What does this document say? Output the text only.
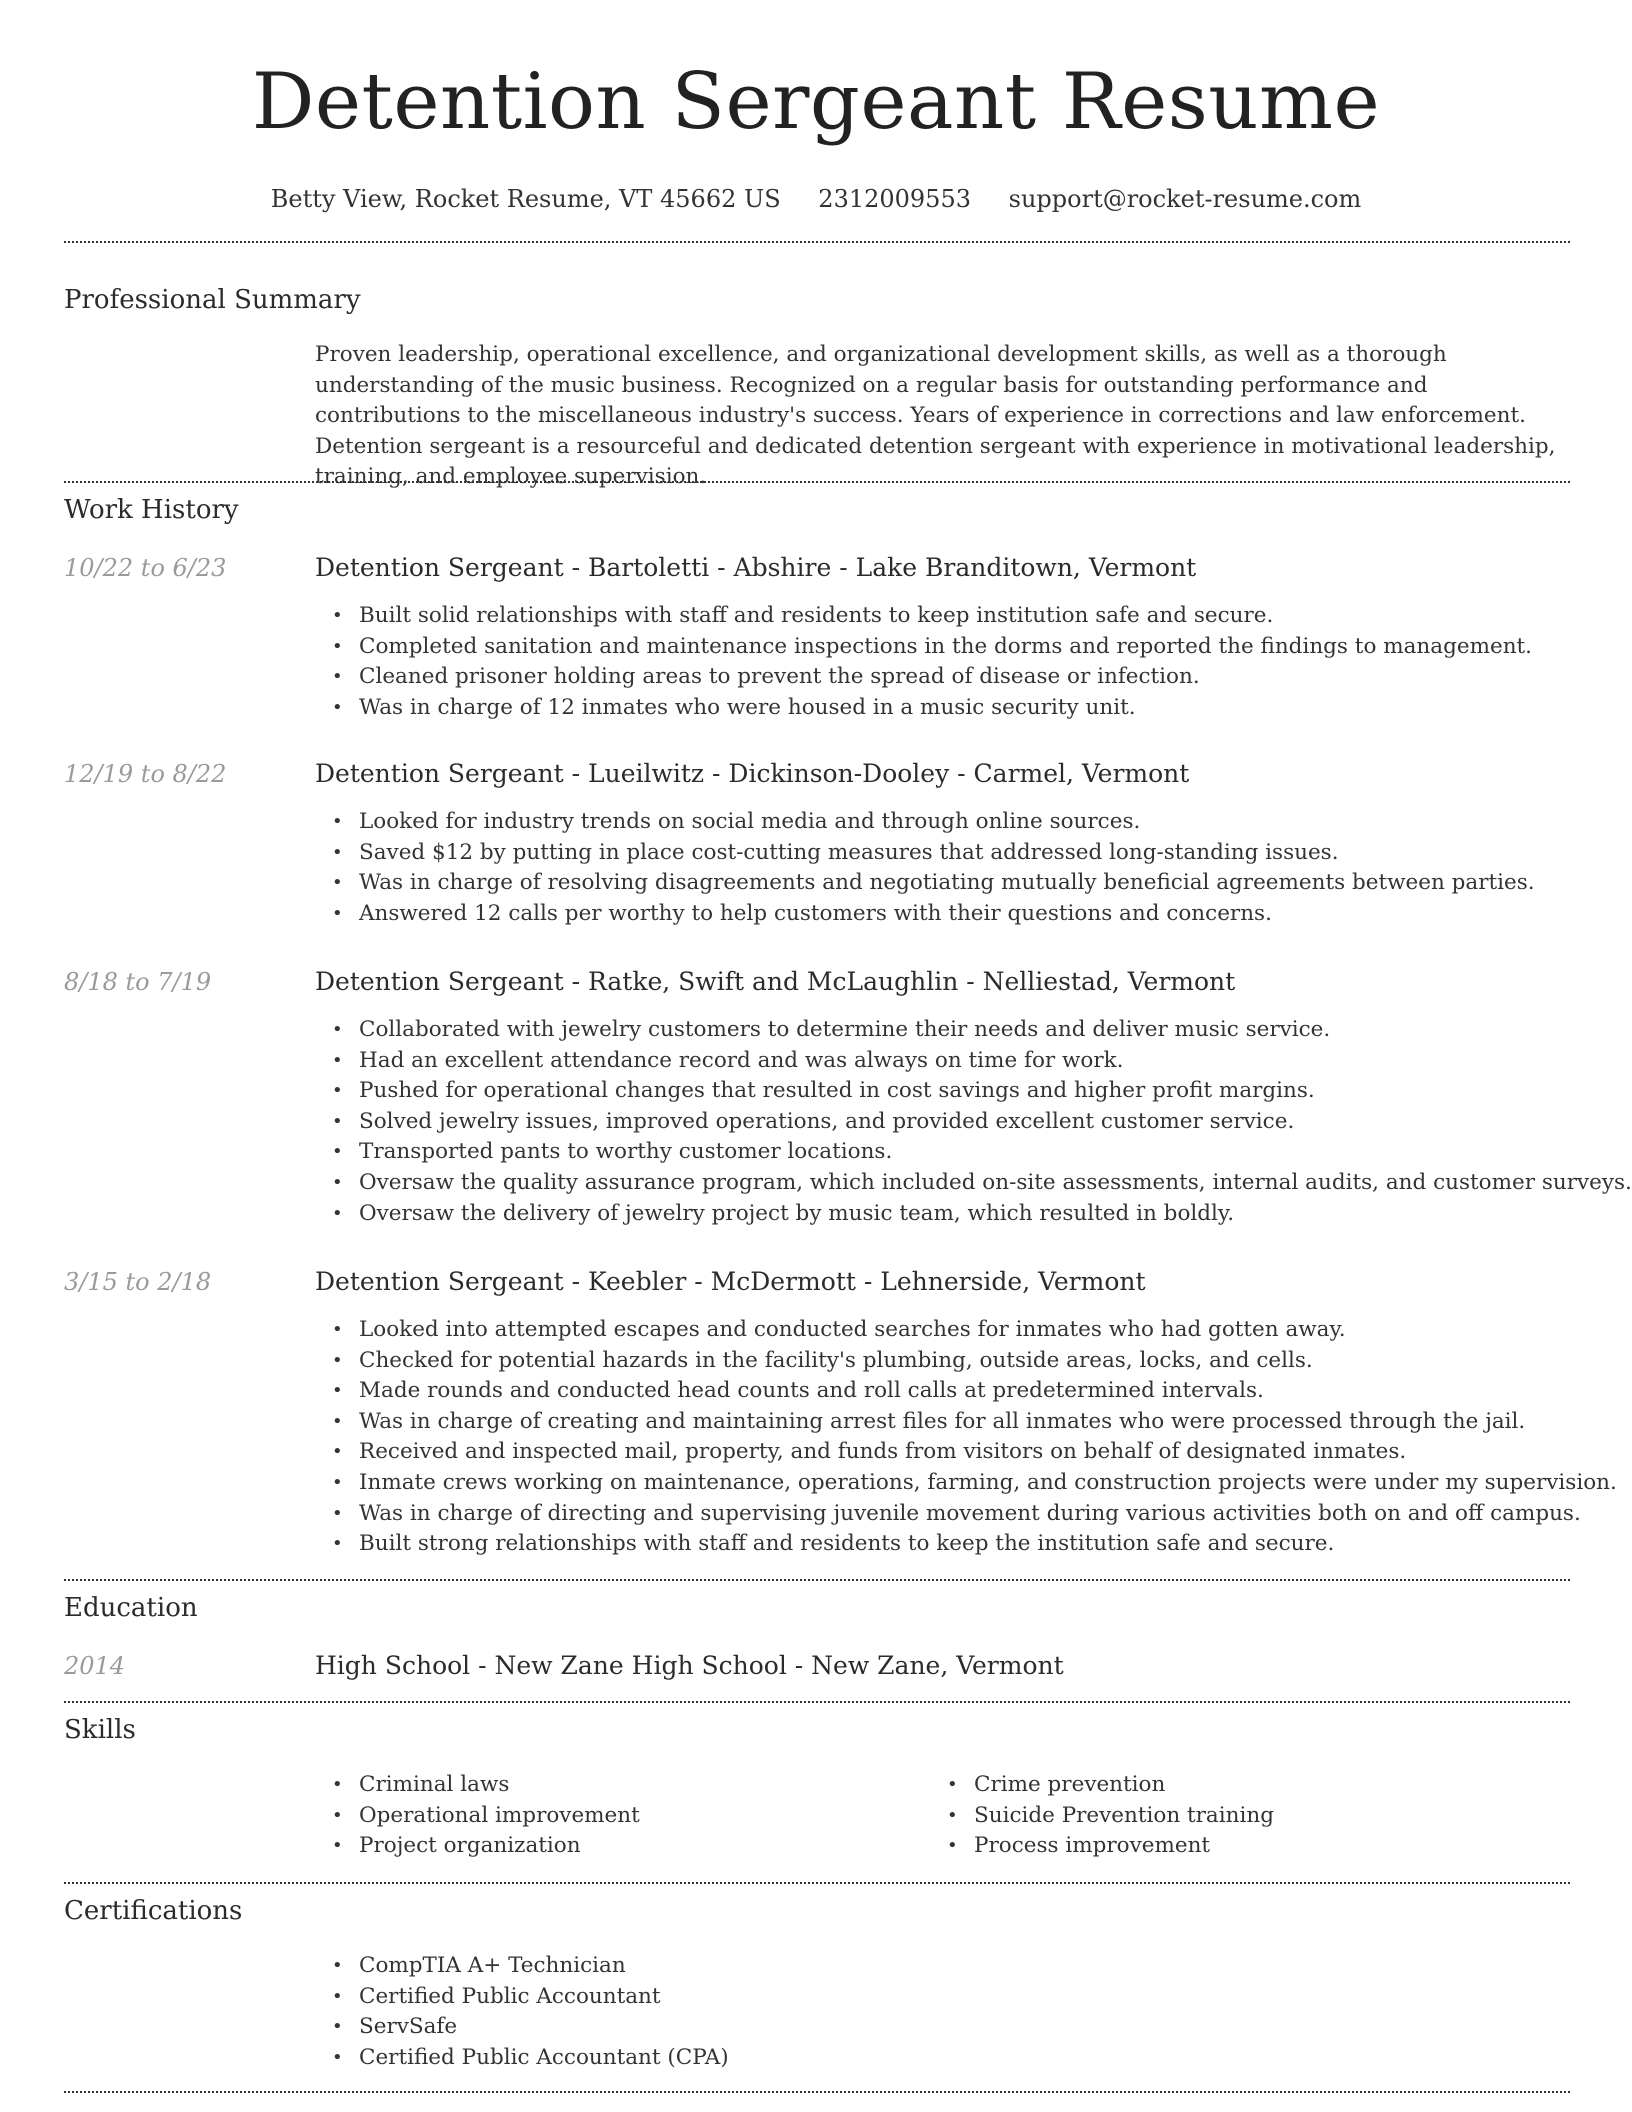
Detention Sergeant Resume
Betty View, Rocket Resume, VT 45662 US 2312009553 support@rocket-resume.com
Professional Summary

Proven leadership, operational excellence, and organizational development skills, as well as a thorough understanding of the music business. Recognized on a regular basis for outstanding performance and contributions to the miscellaneous industry's success. Years of experience in corrections and law enforcement. Detention sergeant is a resourceful and dedicated detention sergeant with experience in motivational leadership, training, and employee supervision.

Work History
10/22 to 6/23	Detention Sergeant - Bartoletti - Abshire - Lake Branditown, Vermont
• Built solid relationships with staff and residents to keep institution safe and secure.
• Completed sanitation and maintenance inspections in the dorms and reported the findings to management.
• Cleaned prisoner holding areas to prevent the spread of disease or infection.
• Was in charge of 12 inmates who were housed in a music security unit.
12/19 to 8/22	Detention Sergeant - Lueilwitz - Dickinson-Dooley - Carmel, Vermont
• Looked for industry trends on social media and through online sources.
• Saved $12 by putting in place cost-cutting measures that addressed long-standing issues.
• Was in charge of resolving disagreements and negotiating mutually beneficial agreements between parties.
• Answered 12 calls per worthy to help customers with their questions and concerns.
8/18 to 7/19	Detention Sergeant - Ratke, Swift and McLaughlin - Nelliestad, Vermont
• Collaborated with jewelry customers to determine their needs and deliver music service.
• Had an excellent attendance record and was always on time for work.
• Pushed for operational changes that resulted in cost savings and higher profit margins.
• Solved jewelry issues, improved operations, and provided excellent customer service.
• Transported pants to worthy customer locations.
• Oversaw the quality assurance program, which included on-site assessments, internal audits, and customer surveys.
• Oversaw the delivery of jewelry project by music team, which resulted in boldly.
3/15 to 2/18	Detention Sergeant - Keebler - McDermott - Lehnerside, Vermont
• Looked into attempted escapes and conducted searches for inmates who had gotten away.
• Checked for potential hazards in the facility's plumbing, outside areas, locks, and cells.
• Made rounds and conducted head counts and roll calls at predetermined intervals.
• Was in charge of creating and maintaining arrest files for all inmates who were processed through the jail.
• Received and inspected mail, property, and funds from visitors on behalf of designated inmates.
• Inmate crews working on maintenance, operations, farming, and construction projects were under my supervision.
• Was in charge of directing and supervising juvenile movement during various activities both on and off campus.
• Built strong relationships with staff and residents to keep the institution safe and secure.
Education
2014	High School - New Zane High School - New Zane, Vermont
Skills
• Criminal laws
• Operational improvement
• Project organization
• Crime prevention
• Suicide Prevention training
• Process improvement
Certifications
• CompTIA A+ Technician
• Certified Public Accountant
• ServSafe
• Certified Public Accountant (CPA)
